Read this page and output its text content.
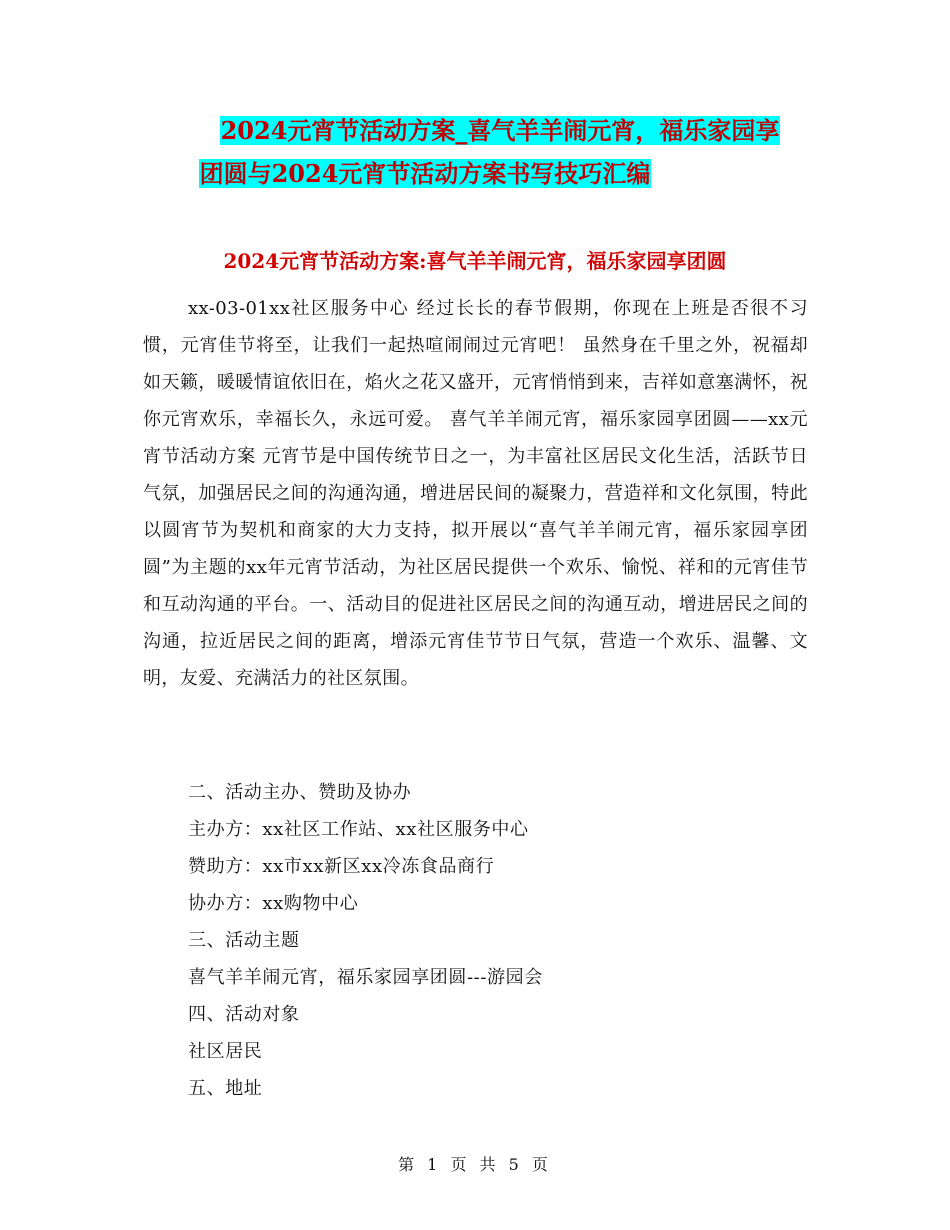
2024元宵节活动方案_喜气羊羊闹元宵，福乐家园享
团圆与2024元宵节活动方案书写技巧汇编
2024元宵节活动方案:喜气羊羊闹元宵，福乐家园享团圆

xx-03-01xx社区服务中心 经过长长的春节假期，你现在上班是否很不习惯，元宵佳节将至，让我们一起热喧闹闹过元宵吧！ 虽然身在千里之外，祝福却如天籁，暖暖情谊依旧在，焰火之花又盛开，元宵悄悄到来，吉祥如意塞满怀，祝你元宵欢乐，幸福长久，永远可爱。 喜气羊羊闹元宵，福乐家园享团圆——xx元宵节活动方案 元宵节是中国传统节日之一，为丰富社区居民文化生活，活跃节日气氛，加强居民之间的沟通沟通，增进居民间的凝聚力，营造祥和文化氛围，特此以圆宵节为契机和商家的大力支持，拟开展以“喜气羊羊闹元宵，福乐家园享团圆”为主题的xx年元宵节活动，为社区居民提供一个欢乐、愉悦、祥和的元宵佳节和互动沟通的平台。一、活动目的促进社区居民之间的沟通互动，增进居民之间的沟通，拉近居民之间的距离，增添元宵佳节节日气氛，营造一个欢乐、温馨、文明，友爱、充满活力的社区氛围。

二、活动主办、赞助及协办
主办方：xx社区工作站、xx社区服务中心
赞助方：xx市xx新区xx冷冻食品商行
协办方：xx购物中心
三、活动主题
喜气羊羊闹元宵，福乐家园享团圆---游园会
四、活动对象
社区居民
五、地址
第 1 页 共 5 页
